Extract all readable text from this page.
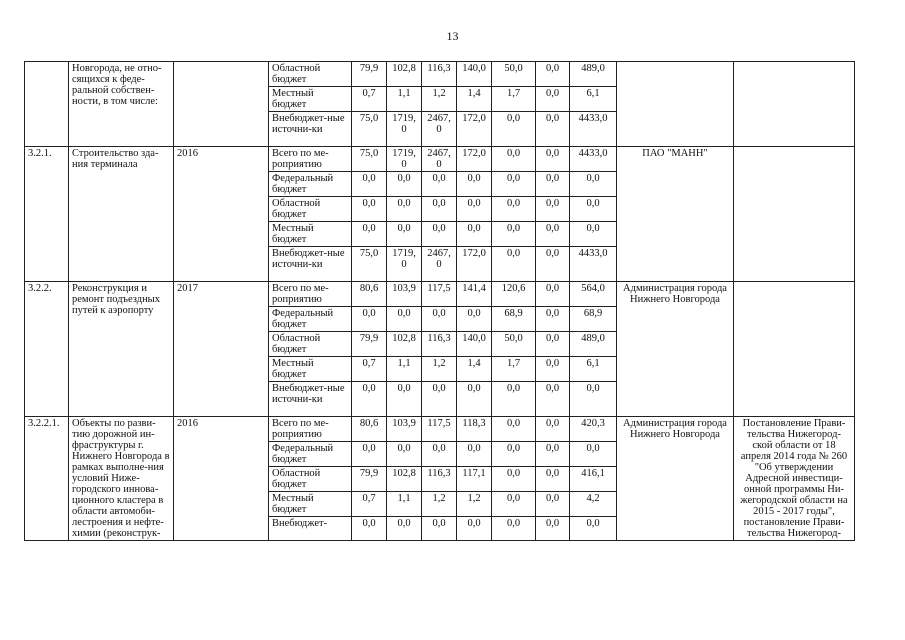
13
	Новгорода, не отно-сящихся к феде-ральной собствен-ности, в том числе:		Областной бюджет	79,9	102,8	116,3	140,0	50,0	0,0	489,0		
			Местный бюджет	0,7	1,1	1,2	1,4	1,7	0,0	6,1		
			Внебюджет-ные источни-ки	75,0	1719, 0	2467, 0	172,0	0,0	0,0	4433,0		
3.2.1.	Строительство зда-ния терминала	2016	Всего по ме-роприятию	75,0	1719, 0	2467, 0	172,0	0,0	0,0	4433,0	ПАО "МАНН"	
			Федеральный бюджет	0,0	0,0	0,0	0,0	0,0	0,0	0,0		
			Областной бюджет	0,0	0,0	0,0	0,0	0,0	0,0	0,0		
			Местный бюджет	0,0	0,0	0,0	0,0	0,0	0,0	0,0		
			Внебюджет-ные источни-ки	75,0	1719, 0	2467, 0	172,0	0,0	0,0	4433,0		
3.2.2.	Реконструкция и ремонт подъездных путей к аэропорту	2017	Всего по ме-роприятию	80,6	103,9	117,5	141,4	120,6	0,0	564,0	Администрация города Нижнего Новгорода	
			Федеральный бюджет	0,0	0,0	0,0	0,0	68,9	0,0	68,9		
			Областной бюджет	79,9	102,8	116,3	140,0	50,0	0,0	489,0		
			Местный бюджет	0,7	1,1	1,2	1,4	1,7	0,0	6,1		
			Внебюджет-ные источни-ки	0,0	0,0	0,0	0,0	0,0	0,0	0,0		
3.2.2.1.	Объекты по разви-тию дорожной ин-фраструктуры г. Нижнего Новгорода в рамках выполне-ния условий Ниже-городского иннова-ционного кластера в области автомоби-лестроения и нефте-химии (реконструк-	2016	Всего по ме-роприятию	80,6	103,9	117,5	118,3	0,0	0,0	420,3	Администрация города Нижнего Новгорода	Постановление Прави-тельства Нижегород-ской области от 18 апреля 2014 года № 260 "Об утверждении Адресной инвестици-онной программы Ни-жегородской области на 2015 - 2017 годы", постановление Прави-тельства Нижегород-
			Федеральный бюджет	0,0	0,0	0,0	0,0	0,0	0,0	0,0		
			Областной бюджет	79,9	102,8	116,3	117,1	0,0	0,0	416,1		
			Местный бюджет	0,7	1,1	1,2	1,2	0,0	0,0	4,2		
			Внебюджет-	0,0	0,0	0,0	0,0	0,0	0,0	0,0		
